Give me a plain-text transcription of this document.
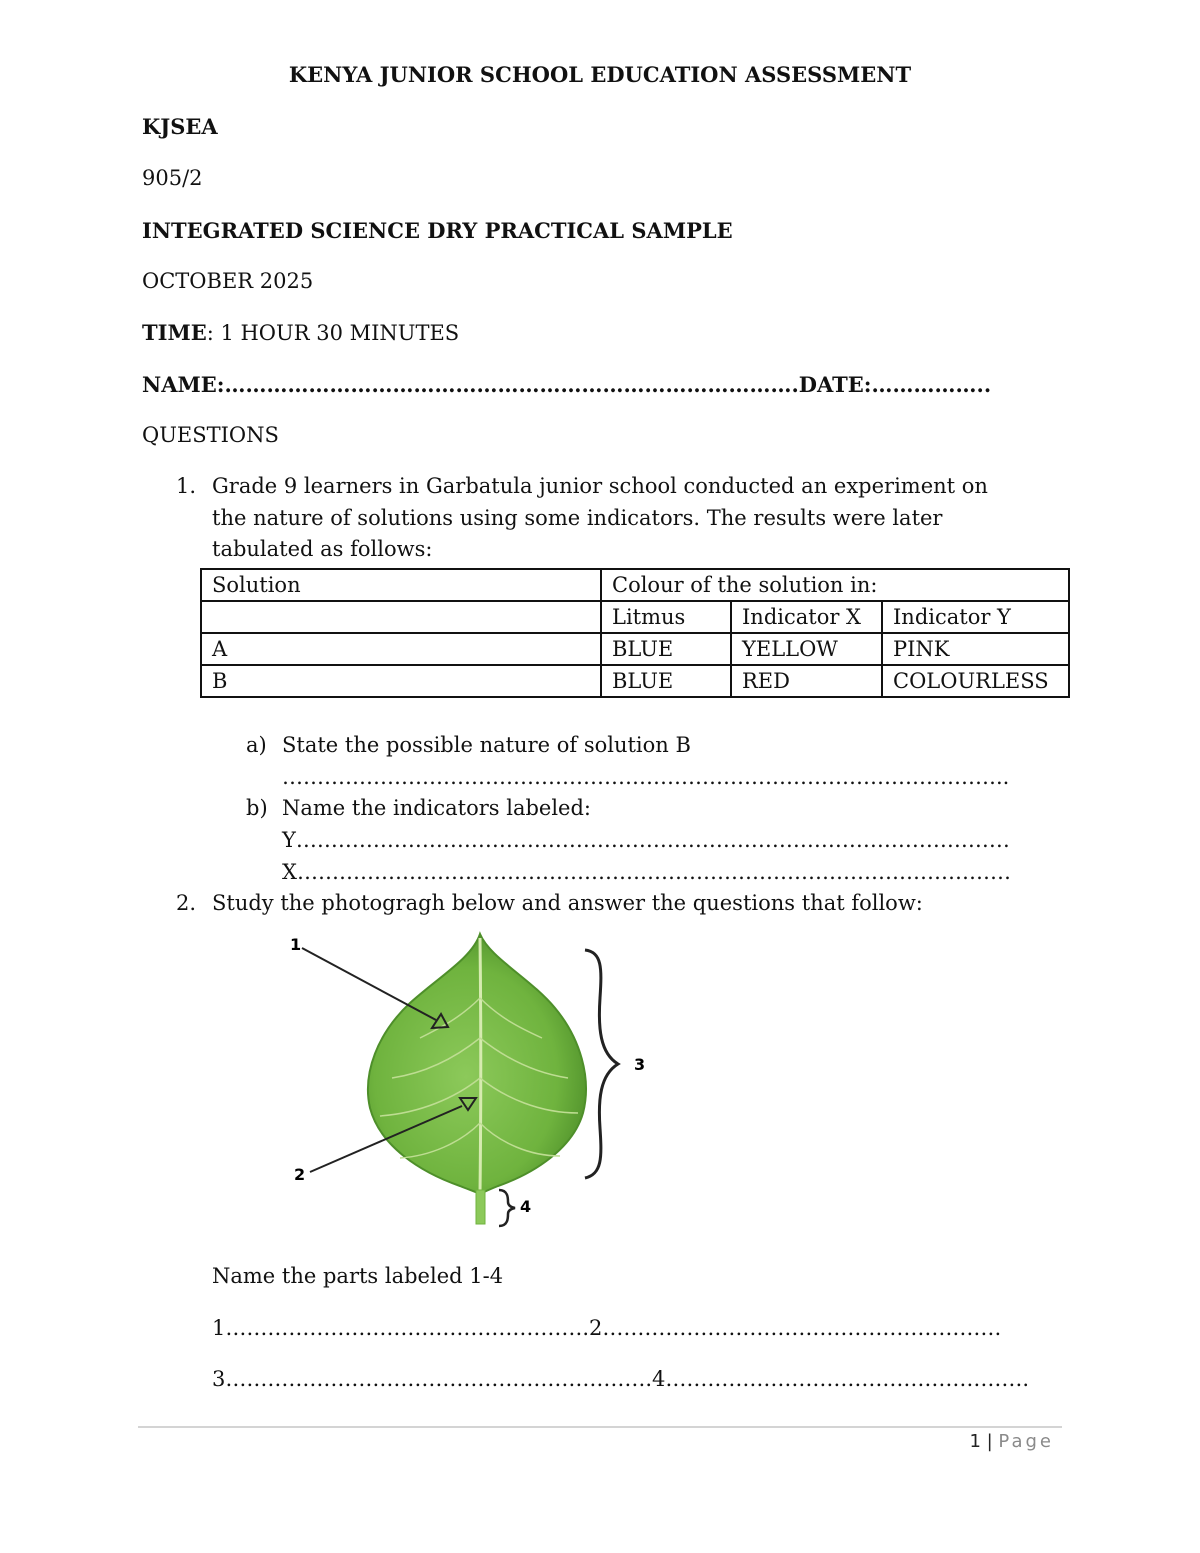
KENYA JUNIOR SCHOOL EDUCATION ASSESSMENT
KJSEA
905/2
INTEGRATED SCIENCE DRY PRACTICAL SAMPLE
OCTOBER 2025
TIME: 1 HOUR 30 MINUTES
NAME:……………………………………………………………………….DATE:……………..
QUESTIONS
1. Grade 9 learners in Garbatula junior school conducted an experiment on
the nature of solutions using some indicators. The results were later
tabulated as follows:
Solution	Colour of the solution in:		
	Litmus	Indicator X	Indicator Y
A	BLUE	YELLOW	PINK
B	BLUE	RED	COLOURLESS
a) State the possible nature of solution B
…………………………………………………………………………………………..
b) Name the indicators labeled:
Y…………………………………………………………………………………………
X…………………………………………………………………………………………
2. Study the photogragh below and answer the questions that follow:
1
2
3
4
Name the parts labeled 1-4
1…………………………………………….2…………………………………………………
3…………………………………………………….4…………………………………………….
1 | Page
